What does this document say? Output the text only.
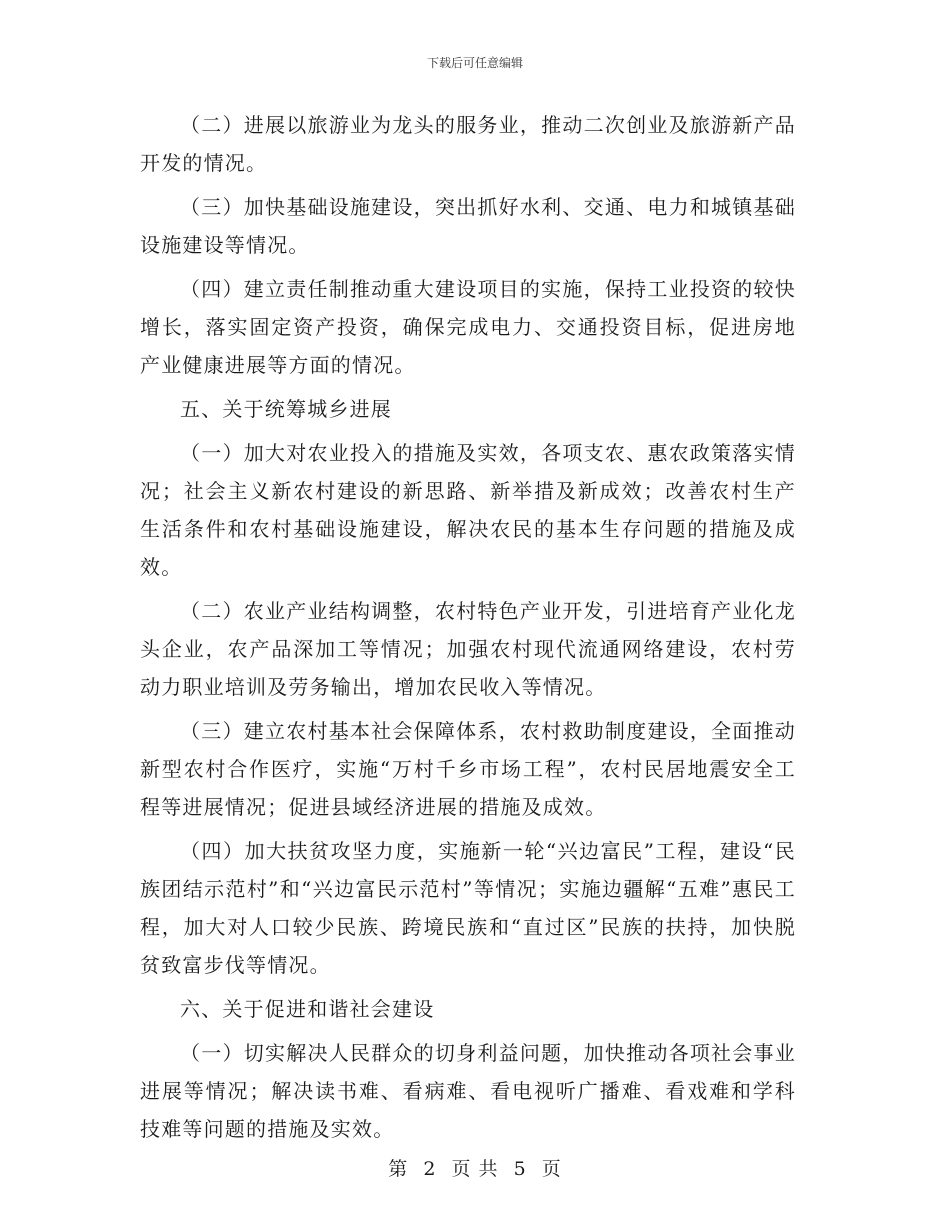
下载后可任意编辑

（二）进展以旅游业为龙头的服务业，推动二次创业及旅游新产品开发的情况。

（三）加快基础设施建设，突出抓好水利、交通、电力和城镇基础设施建设等情况。

（四）建立责任制推动重大建设项目的实施，保持工业投资的较快增长，落实固定资产投资，确保完成电力、交通投资目标，促进房地产业健康进展等方面的情况。

五、关于统筹城乡进展

（一）加大对农业投入的措施及实效，各项支农、惠农政策落实情况；社会主义新农村建设的新思路、新举措及新成效；改善农村生产生活条件和农村基础设施建设，解决农民的基本生存问题的措施及成效。

（二）农业产业结构调整，农村特色产业开发，引进培育产业化龙头企业，农产品深加工等情况；加强农村现代流通网络建设，农村劳动力职业培训及劳务输出，增加农民收入等情况。

（三）建立农村基本社会保障体系，农村救助制度建设，全面推动新型农村合作医疗，实施“万村千乡市场工程”，农村民居地震安全工程等进展情况；促进县域经济进展的措施及成效。

（四）加大扶贫攻坚力度，实施新一轮“兴边富民”工程，建设“民族团结示范村”和“兴边富民示范村”等情况；实施边疆解“五难”惠民工程，加大对人口较少民族、跨境民族和“直过区”民族的扶持，加快脱贫致富步伐等情况。

六、关于促进和谐社会建设

（一）切实解决人民群众的切身利益问题，加快推动各项社会事业进展等情况；解决读书难、看病难、看电视听广播难、看戏难和学科技难等问题的措施及实效。

第 2 页 共 5 页
